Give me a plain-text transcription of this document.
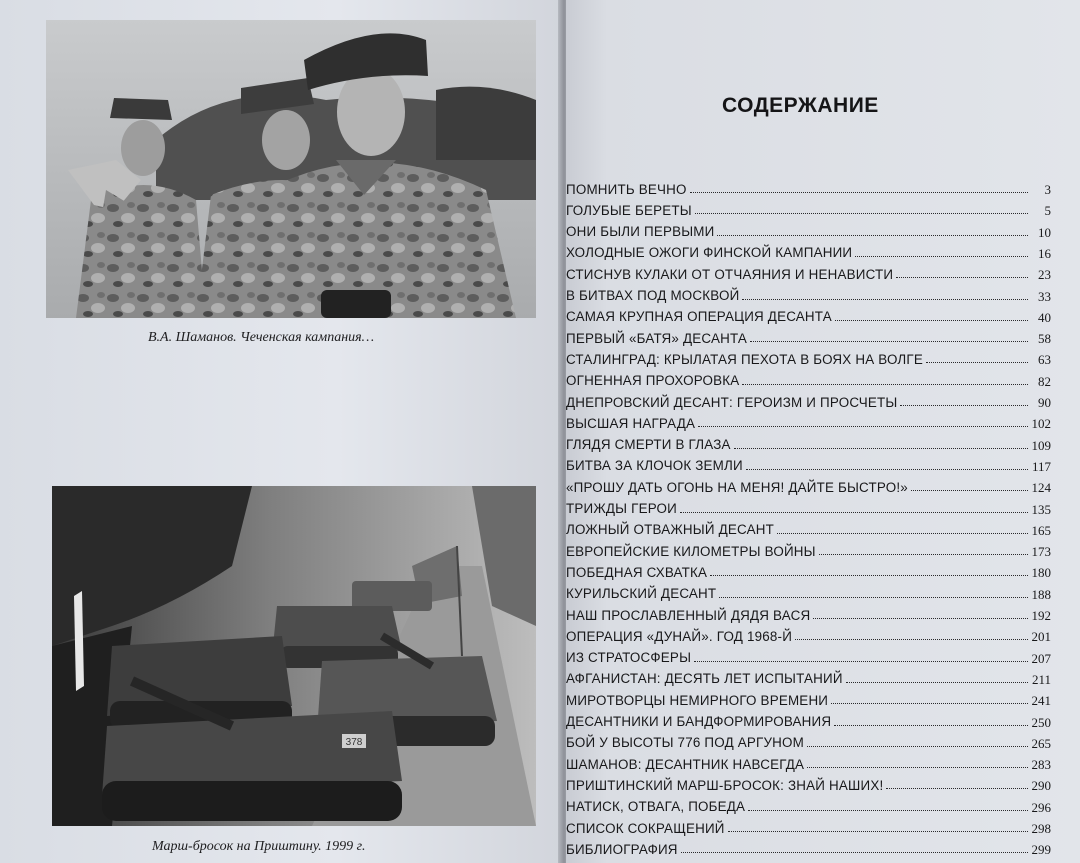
В.А. Шаманов. Чеченская кампания…
378
Марш-бросок на Приштину. 1999 г.
СОДЕРЖАНИЕ
ПОМНИТЬ ВЕЧНО	3
ГОЛУБЫЕ БЕРЕТЫ	5
ОНИ БЫЛИ ПЕРВЫМИ	10
ХОЛОДНЫЕ ОЖОГИ ФИНСКОЙ КАМПАНИИ	16
СТИСНУВ КУЛАКИ ОТ ОТЧАЯНИЯ И НЕНАВИСТИ	23
В БИТВАХ ПОД МОСКВОЙ	33
САМАЯ КРУПНАЯ ОПЕРАЦИЯ ДЕСАНТА	40
ПЕРВЫЙ «БАТЯ» ДЕСАНТА	58
СТАЛИНГРАД: КРЫЛАТАЯ ПЕХОТА В БОЯХ НА ВОЛГЕ	63
ОГНЕННАЯ ПРОХОРОВКА	82
ДНЕПРОВСКИЙ ДЕСАНТ: ГЕРОИЗМ И ПРОСЧЕТЫ	90
ВЫСШАЯ НАГРАДА	102
ГЛЯДЯ СМЕРТИ В ГЛАЗА	109
БИТВА ЗА КЛОЧОК ЗЕМЛИ	117
«ПРОШУ ДАТЬ ОГОНЬ НА МЕНЯ! ДАЙТЕ БЫСТРО!»	124
ТРИЖДЫ ГЕРОИ	135
ЛОЖНЫЙ ОТВАЖНЫЙ ДЕСАНТ	165
ЕВРОПЕЙСКИЕ КИЛОМЕТРЫ ВОЙНЫ	173
ПОБЕДНАЯ СХВАТКА	180
КУРИЛЬСКИЙ ДЕСАНТ	188
НАШ ПРОСЛАВЛЕННЫЙ ДЯДЯ ВАСЯ	192
ОПЕРАЦИЯ «ДУНАЙ». ГОД 1968-Й	201
ИЗ СТРАТОСФЕРЫ	207
АФГАНИСТАН: ДЕСЯТЬ ЛЕТ ИСПЫТАНИЙ	211
МИРОТВОРЦЫ НЕМИРНОГО ВРЕМЕНИ	241
ДЕСАНТНИКИ И БАНДФОРМИРОВАНИЯ	250
БОЙ У ВЫСОТЫ 776 ПОД АРГУНОМ	265
ШАМАНОВ: ДЕСАНТНИК НАВСЕГДА	283
ПРИШТИНСКИЙ МАРШ-БРОСОК: ЗНАЙ НАШИХ!	290
НАТИСК, ОТВАГА, ПОБЕДА	296
СПИСОК СОКРАЩЕНИЙ	298
БИБЛИОГРАФИЯ	299
